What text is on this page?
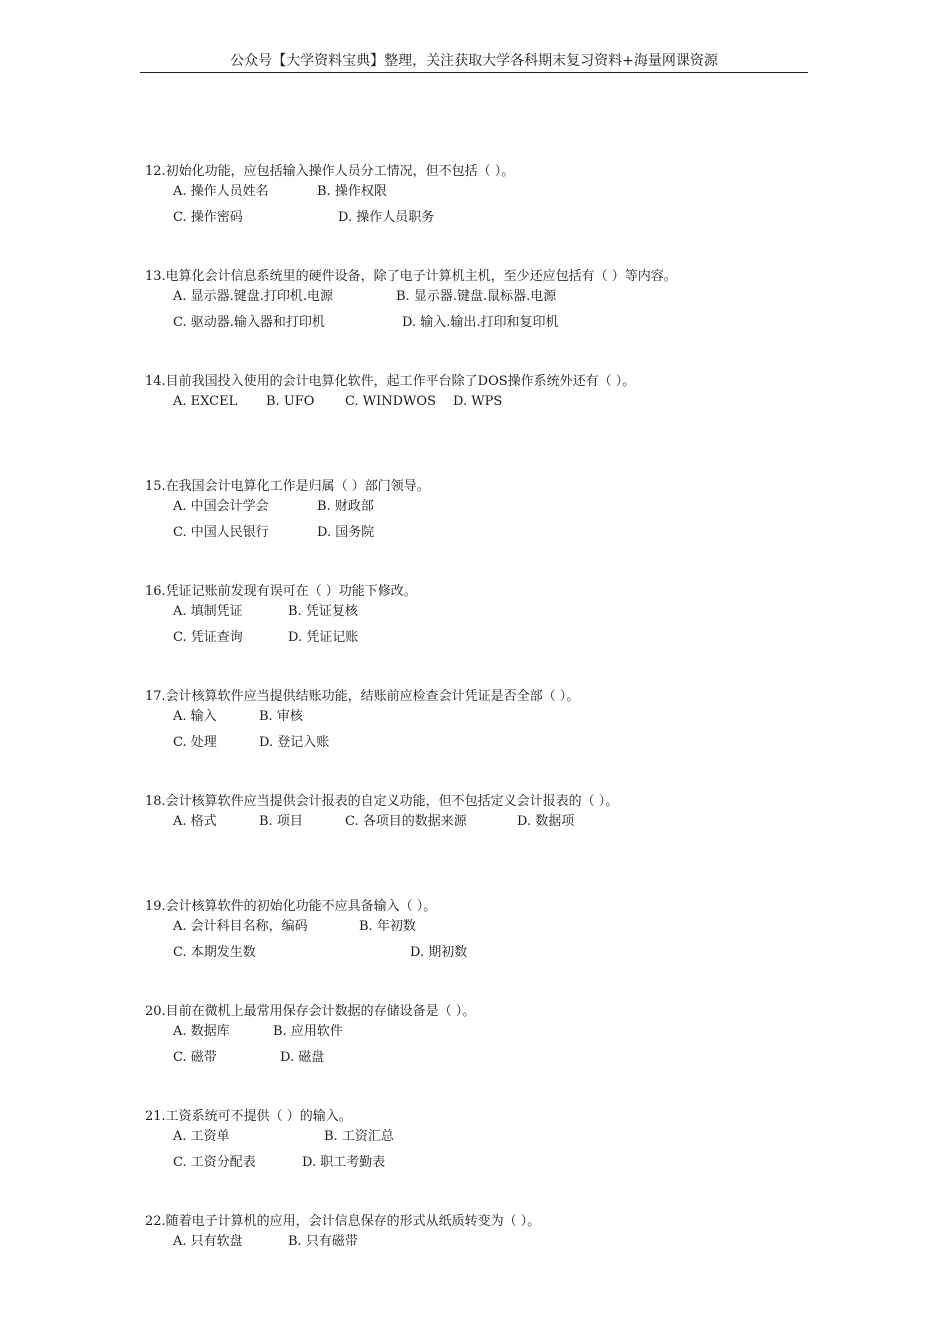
公众号【大学资料宝典】整理，关注获取大学各科期末复习资料+海量网课资源
12.初始化功能，应包括输入操作人员分工情况，但不包括（ ）。
A. 操作人员姓名	B. 操作权限
C. 操作密码	D. 操作人员职务
13.电算化会计信息系统里的硬件设备，除了电子计算机主机，至少还应包括有（ ）等内容。
A. 显示器.键盘.打印机.电源	B. 显示器.键盘.鼠标器.电源
C. 驱动器.输入器和打印机	D. 输入.输出.打印和复印机
14.目前我国投入使用的会计电算化软件，起工作平台除了DOS操作系统外还有（ ）。
A. EXCEL B. UFO C. WINDWOS D. WPS
15.在我国会计电算化工作是归属（ ）部门领导。
A. 中国会计学会	B. 财政部
C. 中国人民银行	D. 国务院
16.凭证记账前发现有误可在（ ）功能下修改。
A. 填制凭证	B. 凭证复核
C. 凭证查询	D. 凭证记账
17.会计核算软件应当提供结账功能，结账前应检查会计凭证是否全部（ ）。
A. 输入	B. 审核
C. 处理	D. 登记入账
18.会计核算软件应当提供会计报表的自定义功能，但不包括定义会计报表的（ ）。
A. 格式	B. 项目	C. 各项目的数据来源	D. 数据项
19.会计核算软件的初始化功能不应具备输入（ ）。
A. 会计科目名称，编码	B. 年初数
C. 本期发生数	D. 期初数
20.目前在微机上最常用保存会计数据的存储设备是（ ）。
A. 数据库	B. 应用软件
C. 磁带	D. 磁盘
21.工资系统可不提供（ ）的输入。
A. 工资单	B. 工资汇总
C. 工资分配表	D. 职工考勤表
22.随着电子计算机的应用，会计信息保存的形式从纸质转变为（ ）。
A. 只有软盘	B. 只有磁带
